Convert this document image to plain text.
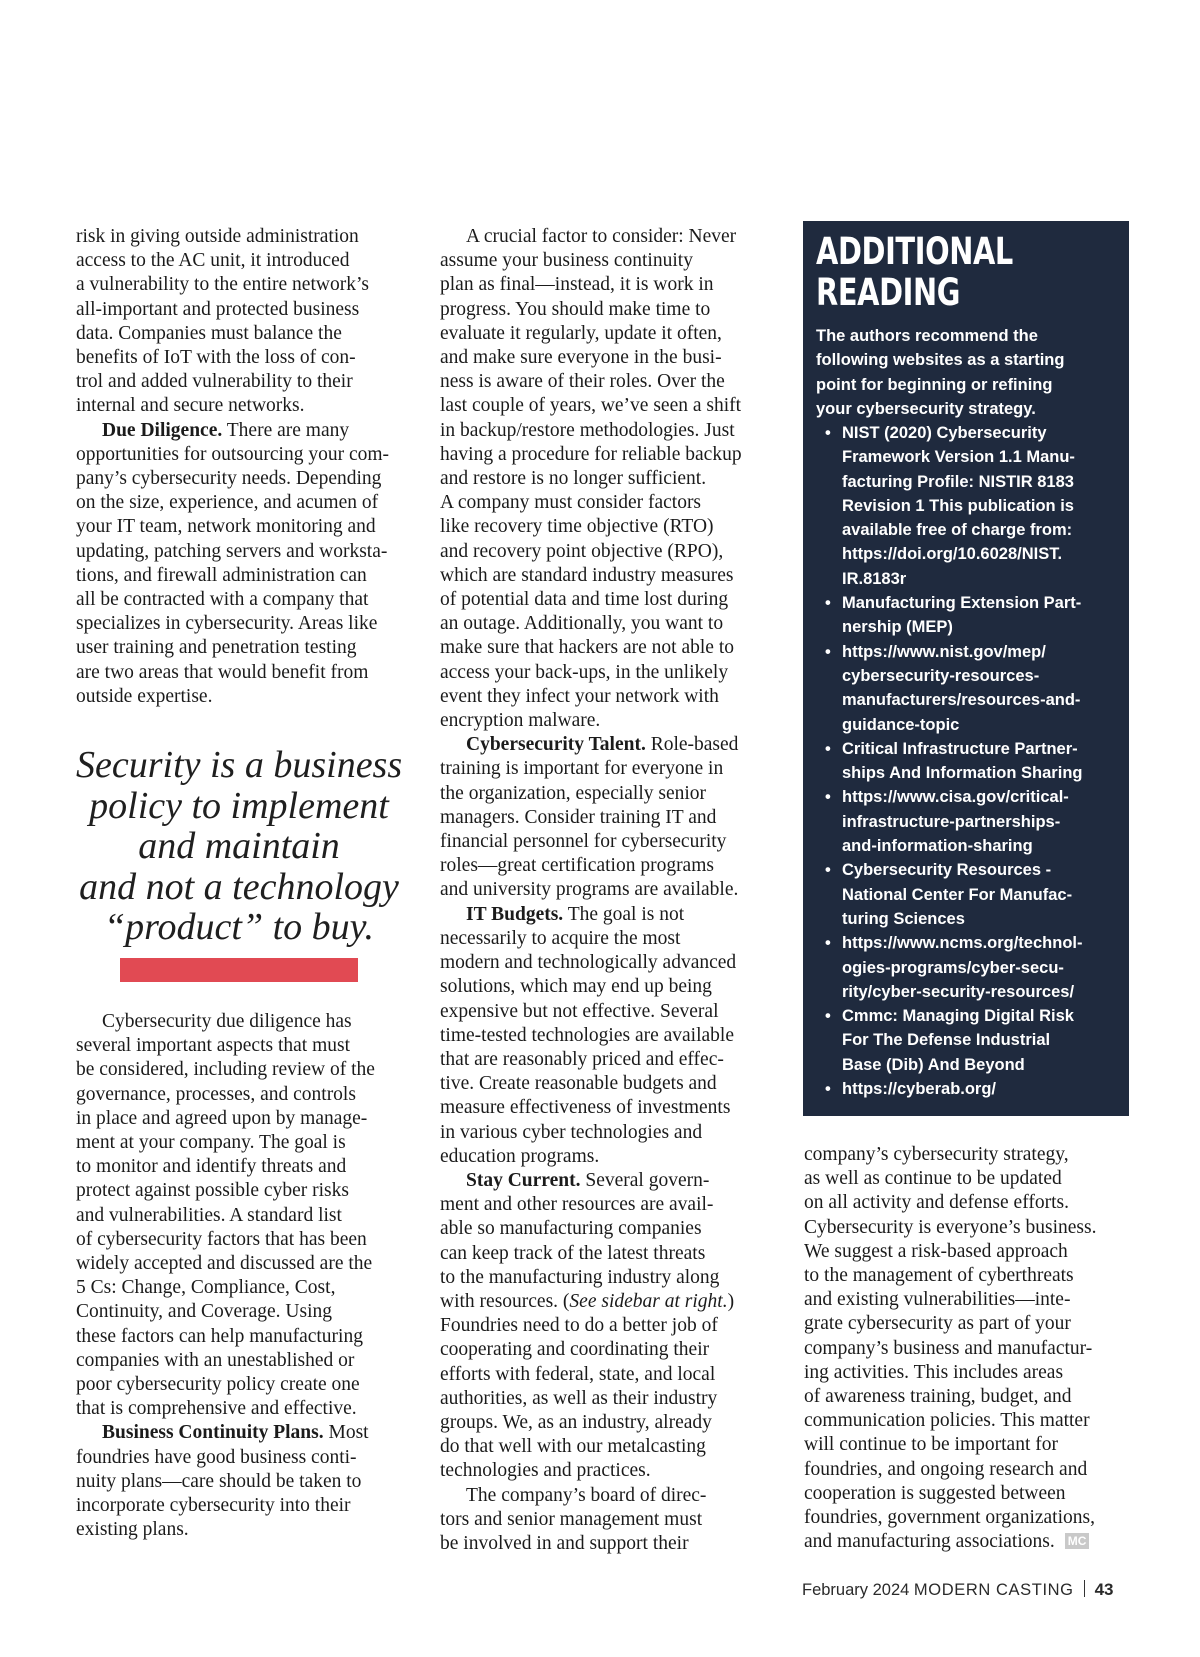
risk in giving outside administration
access to the AC unit, it introduced
a vulnerability to the entire network’s
all-important and protected business
data. Companies must balance the
benefits of IoT with the loss of con-
trol and added vulnerability to their
internal and secure networks.
Due Diligence. There are many
opportunities for outsourcing your com-
pany’s cybersecurity needs. Depending
on the size, experience, and acumen of
your IT team, network monitoring and
updating, patching servers and worksta-
tions, and firewall administration can
all be contracted with a company that
specializes in cybersecurity. Areas like
user training and penetration testing
are two areas that would benefit from
outside expertise.
Security is a business
policy to implement
and maintain
and not a technology
“product” to buy.
Cybersecurity due diligence has
several important aspects that must
be considered, including review of the
governance, processes, and controls
in place and agreed upon by manage-
ment at your company. The goal is
to monitor and identify threats and
protect against possible cyber risks
and vulnerabilities. A standard list
of cybersecurity factors that has been
widely accepted and discussed are the
5 Cs: Change, Compliance, Cost,
Continuity, and Coverage. Using
these factors can help manufacturing
companies with an unestablished or
poor cybersecurity policy create one
that is comprehensive and effective.
Business Continuity Plans. Most
foundries have good business conti-
nuity plans—care should be taken to
incorporate cybersecurity into their
existing plans.
A crucial factor to consider: Never
assume your business continuity
plan as final—instead, it is work in
progress. You should make time to
evaluate it regularly, update it often,
and make sure everyone in the busi-
ness is aware of their roles. Over the
last couple of years, we’ve seen a shift
in backup/restore methodologies. Just
having a procedure for reliable backup
and restore is no longer sufficient.
A company must consider factors
like recovery time objective (RTO)
and recovery point objective (RPO),
which are standard industry measures
of potential data and time lost during
an outage. Additionally, you want to
make sure that hackers are not able to
access your back-ups, in the unlikely
event they infect your network with
encryption malware.
Cybersecurity Talent. Role-based
training is important for everyone in
the organization, especially senior
managers. Consider training IT and
financial personnel for cybersecurity
roles—great certification programs
and university programs are available.
IT Budgets. The goal is not
necessarily to acquire the most
modern and technologically advanced
solutions, which may end up being
expensive but not effective. Several
time-tested technologies are available
that are reasonably priced and effec-
tive. Create reasonable budgets and
measure effectiveness of investments
in various cyber technologies and
education programs.
Stay Current. Several govern-
ment and other resources are avail-
able so manufacturing companies
can keep track of the latest threats
to the manufacturing industry along
with resources. (See sidebar at right.)
Foundries need to do a better job of
cooperating and coordinating their
efforts with federal, state, and local
authorities, as well as their industry
groups. We, as an industry, already
do that well with our metalcasting
technologies and practices.
The company’s board of direc-
tors and senior management must
be involved in and support their
ADDITIONAL
READING
The authors recommend the
following websites as a starting
point for beginning or refining
your cybersecurity strategy.
• NIST (2020) Cybersecurity
Framework Version 1.1 Manu-
facturing Profile: NISTIR 8183
Revision 1 This publication is
available free of charge from:
https://doi.org/10.6028/NIST.
IR.8183r
• Manufacturing Extension Part-
nership (MEP)
• https://www.nist.gov/mep/
cybersecurity-resources-
manufacturers/resources-and-
guidance-topic
• Critical Infrastructure Partner-
ships And Information Sharing
• https://www.cisa.gov/critical-
infrastructure-partnerships-
and-information-sharing
• Cybersecurity Resources -
National Center For Manufac-
turing Sciences
• https://www.ncms.org/technol-
ogies-programs/cyber-secu-
rity/cyber-security-resources/
• Cmmc: Managing Digital Risk
For The Defense Industrial
Base (Dib) And Beyond
• https://cyberab.org/
company’s cybersecurity strategy,
as well as continue to be updated
on all activity and defense efforts.
Cybersecurity is everyone’s business.
We suggest a risk-based approach
to the management of cyberthreats
and existing vulnerabilities—inte-
grate cybersecurity as part of your
company’s business and manufactur-
ing activities. This includes areas
of awareness training, budget, and
communication policies. This matter
will continue to be important for
foundries, and ongoing research and
cooperation is suggested between
foundries, government organizations,
and manufacturing associations. MC
February 2024 MODERN CASTING 43
